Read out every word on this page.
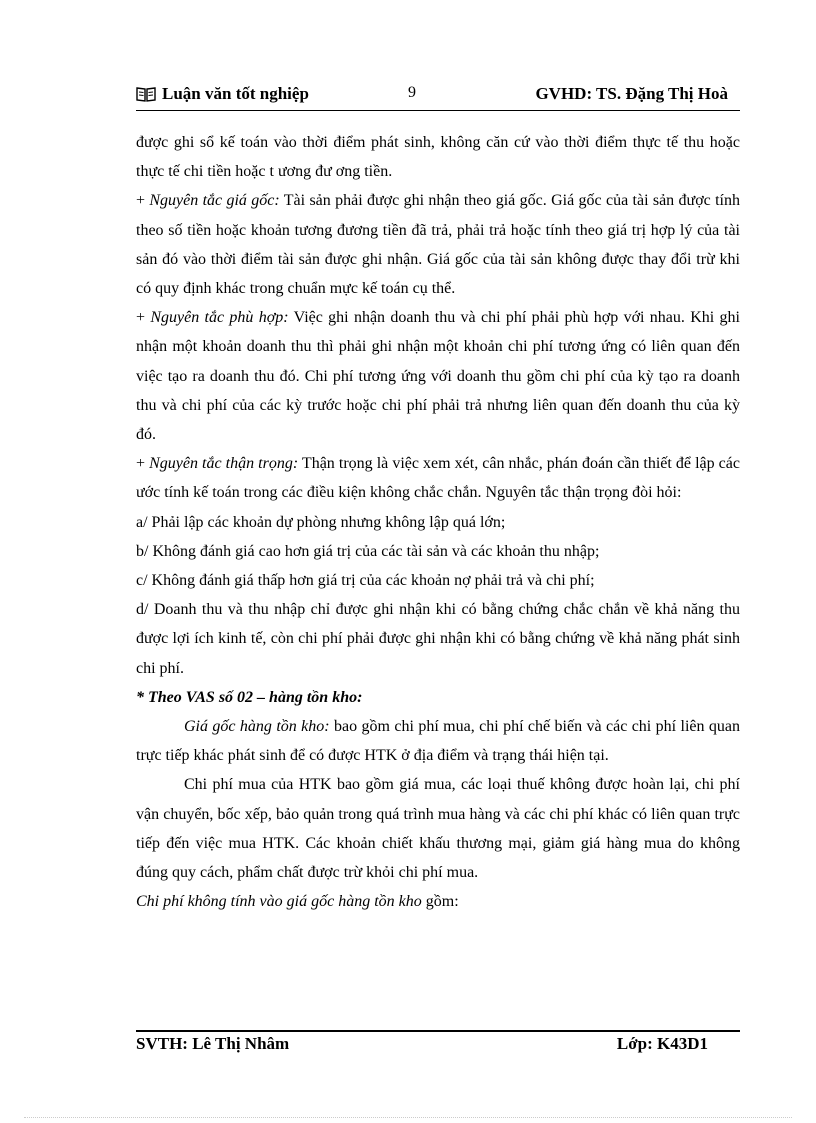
Luận văn tốt nghiệp	9	GVHD: TS. Đặng Thị Hoà

được ghi sổ kế toán vào thời điểm phát sinh, không căn cứ vào thời điểm thực tế thu hoặc thực tế chi tiền hoặc t ương đư ơng tiền.

+ Nguyên tắc giá gốc: Tài sản phải được ghi nhận theo giá gốc. Giá gốc của tài sản được tính theo số tiền hoặc khoản tương đương tiền đã trả, phải trả hoặc tính theo giá trị hợp lý của tài sản đó vào thời điểm tài sản được ghi nhận. Giá gốc của tài sản không được thay đổi trừ khi có quy định khác trong chuẩn mực kế toán cụ thể.

+ Nguyên tắc phù hợp: Việc ghi nhận doanh thu và chi phí phải phù hợp với nhau. Khi ghi nhận một khoản doanh thu thì phải ghi nhận một khoản chi phí tương ứng có liên quan đến việc tạo ra doanh thu đó. Chi phí tương ứng với doanh thu gồm chi phí của kỳ tạo ra doanh thu và chi phí của các kỳ trước hoặc chi phí phải trả nhưng liên quan đến doanh thu của kỳ đó.

+ Nguyên tắc thận trọng: Thận trọng là việc xem xét, cân nhắc, phán đoán cần thiết để lập các ước tính kế toán trong các điều kiện không chắc chắn. Nguyên tắc thận trọng đòi hỏi:

a/ Phải lập các khoản dự phòng nhưng không lập quá lớn;

b/ Không đánh giá cao hơn giá trị của các tài sản và các khoản thu nhập;

c/ Không đánh giá thấp hơn giá trị của các khoản nợ phải trả và chi phí;

d/ Doanh thu và thu nhập chỉ được ghi nhận khi có bằng chứng chắc chắn về khả năng thu được lợi ích kinh tế, còn chi phí phải được ghi nhận khi có bằng chứng về khả năng phát sinh chi phí.

* Theo VAS số 02 – hàng tồn kho:

Giá gốc hàng tồn kho: bao gồm chi phí mua, chi phí chế biến và các chi phí liên quan trực tiếp khác phát sinh để có được HTK ở địa điểm và trạng thái hiện tại.

Chi phí mua của HTK bao gồm giá mua, các loại thuế không được hoàn lại, chi phí vận chuyển, bốc xếp, bảo quản trong quá trình mua hàng và các chi phí khác có liên quan trực tiếp đến việc mua HTK. Các khoản chiết khấu thương mại, giảm giá hàng mua do không đúng quy cách, phẩm chất được trừ khỏi chi phí mua.

Chi phí không tính vào giá gốc hàng tồn kho gồm:

SVTH: Lê Thị Nhâm	Lớp: K43D1
